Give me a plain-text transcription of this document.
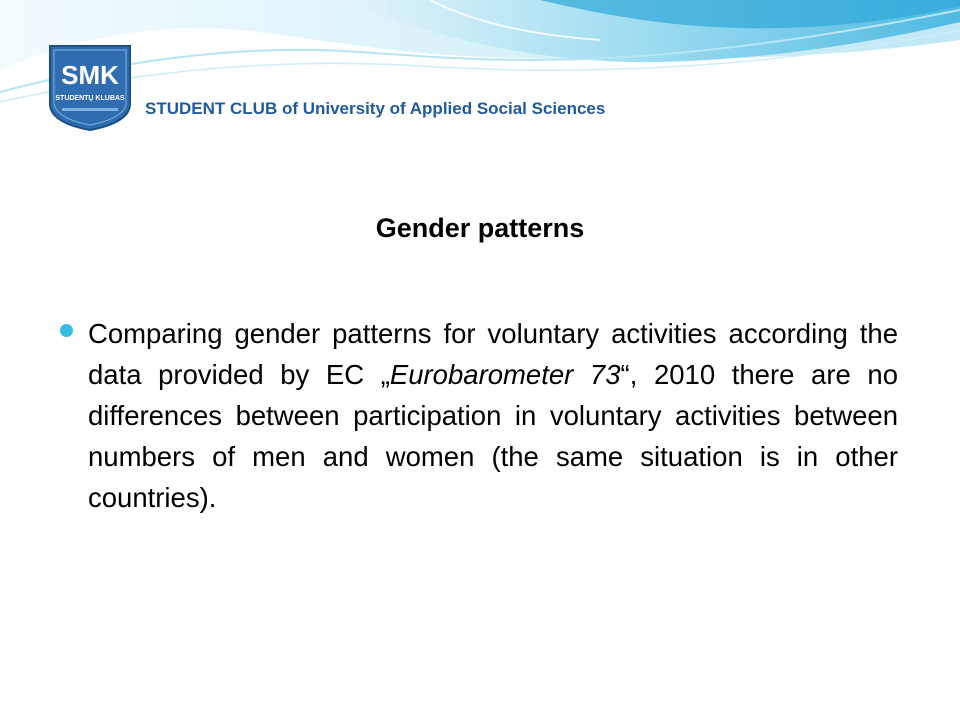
SMK
STUDENTŲ KLUBAS
STUDENT CLUB of University of Applied Social Sciences
Gender patterns
Comparing gender patterns for voluntary activities according the data provided by EC „Eurobarometer 73“, 2010 there are no differences between participation in voluntary activities between numbers of men and women (the same situation is in other countries).
